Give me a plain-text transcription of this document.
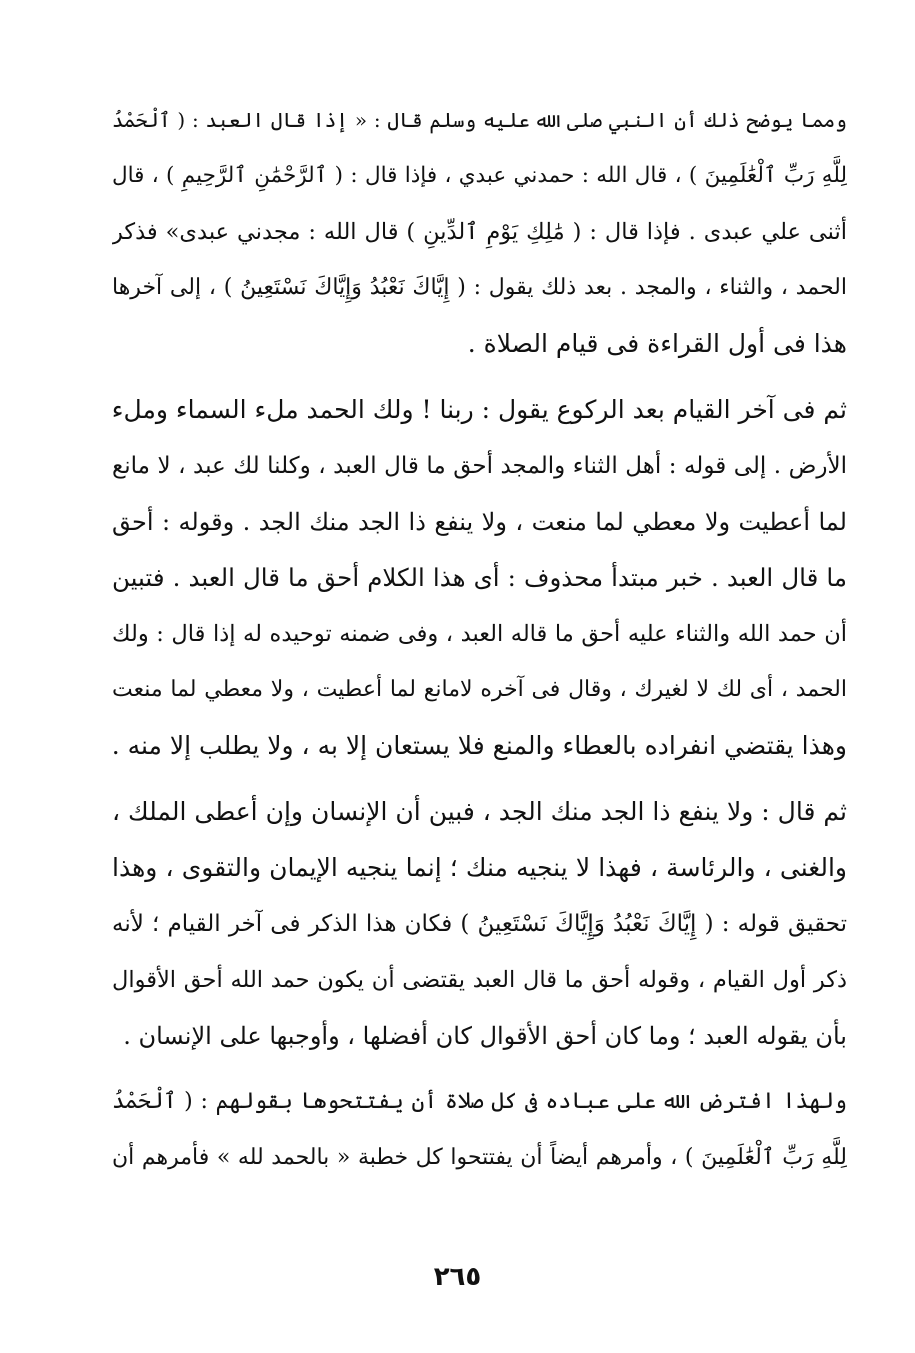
ومما يوضح ذلك أن النبي صلى الله عليه وسلم قال : « إذا قال العبد : ( ٱلْحَمْدُ
لِلَّهِ رَبِّ ٱلْعَٰلَمِينَ ) ، قال الله : حمدني عبدي ، فإذا قال : ( ٱلرَّحْمَٰنِ ٱلرَّحِيمِ ) ، قال
أثنى علي عبدى . فإذا قال : ( مَٰلِكِ يَوْمِ ٱلدِّينِ ) قال الله : مجدني عبدى» فذكر
الحمد ، والثناء ، والمجد . بعد ذلك يقول : ( إِيَّاكَ نَعْبُدُ وَإِيَّاكَ نَسْتَعِينُ ) ، إلى آخرها
هذا فى أول القراءة فى قيام الصلاة .
ثم فى آخر القيام بعد الركوع يقول : ربنا ! ولك الحمد ملء السماء وملء
الأرض . إلى قوله : أهل الثناء والمجد أحق ما قال العبد ، وكلنا لك عبد ، لا مانع
لما أعطيت ولا معطي لما منعت ، ولا ينفع ذا الجد منك الجد . وقوله : أحق
ما قال العبد . خبر مبتدأ محذوف : أى هذا الكلام أحق ما قال العبد . فتبين
أن حمد الله والثناء عليه أحق ما قاله العبد ، وفى ضمنه توحيده له إذا قال : ولك
الحمد ، أى لك لا لغيرك ، وقال فى آخره لامانع لما أعطيت ، ولا معطي لما منعت
وهذا يقتضي انفراده بالعطاء والمنع فلا يستعان إلا به ، ولا يطلب إلا منه .
ثم قال : ولا ينفع ذا الجد منك الجد ، فبين أن الإنسان وإن أعطى الملك ،
والغنى ، والرئاسة ، فهذا لا ينجيه منك ؛ إنما ينجيه الإيمان والتقوى ، وهذا
تحقيق قوله : ( إِيَّاكَ نَعْبُدُ وَإِيَّاكَ نَسْتَعِينُ ) فكان هذا الذكر فى آخر القيام ؛ لأنه
ذكر أول القيام ، وقوله أحق ما قال العبد يقتضى أن يكون حمد الله أحق الأقوال
بأن يقوله العبد ؛ وما كان أحق الأقوال كان أفضلها ، وأوجبها على الإنسان .
ولهذا افترض الله على عباده فى كل صلاة أن يفتتحوها بقولهم : ( ٱلْحَمْدُ
لِلَّهِ رَبِّ ٱلْعَٰلَمِينَ ) ، وأمرهم أيضاً أن يفتتحوا كل خطبة « بالحمد لله » فأمرهم أن
٢٦٥
